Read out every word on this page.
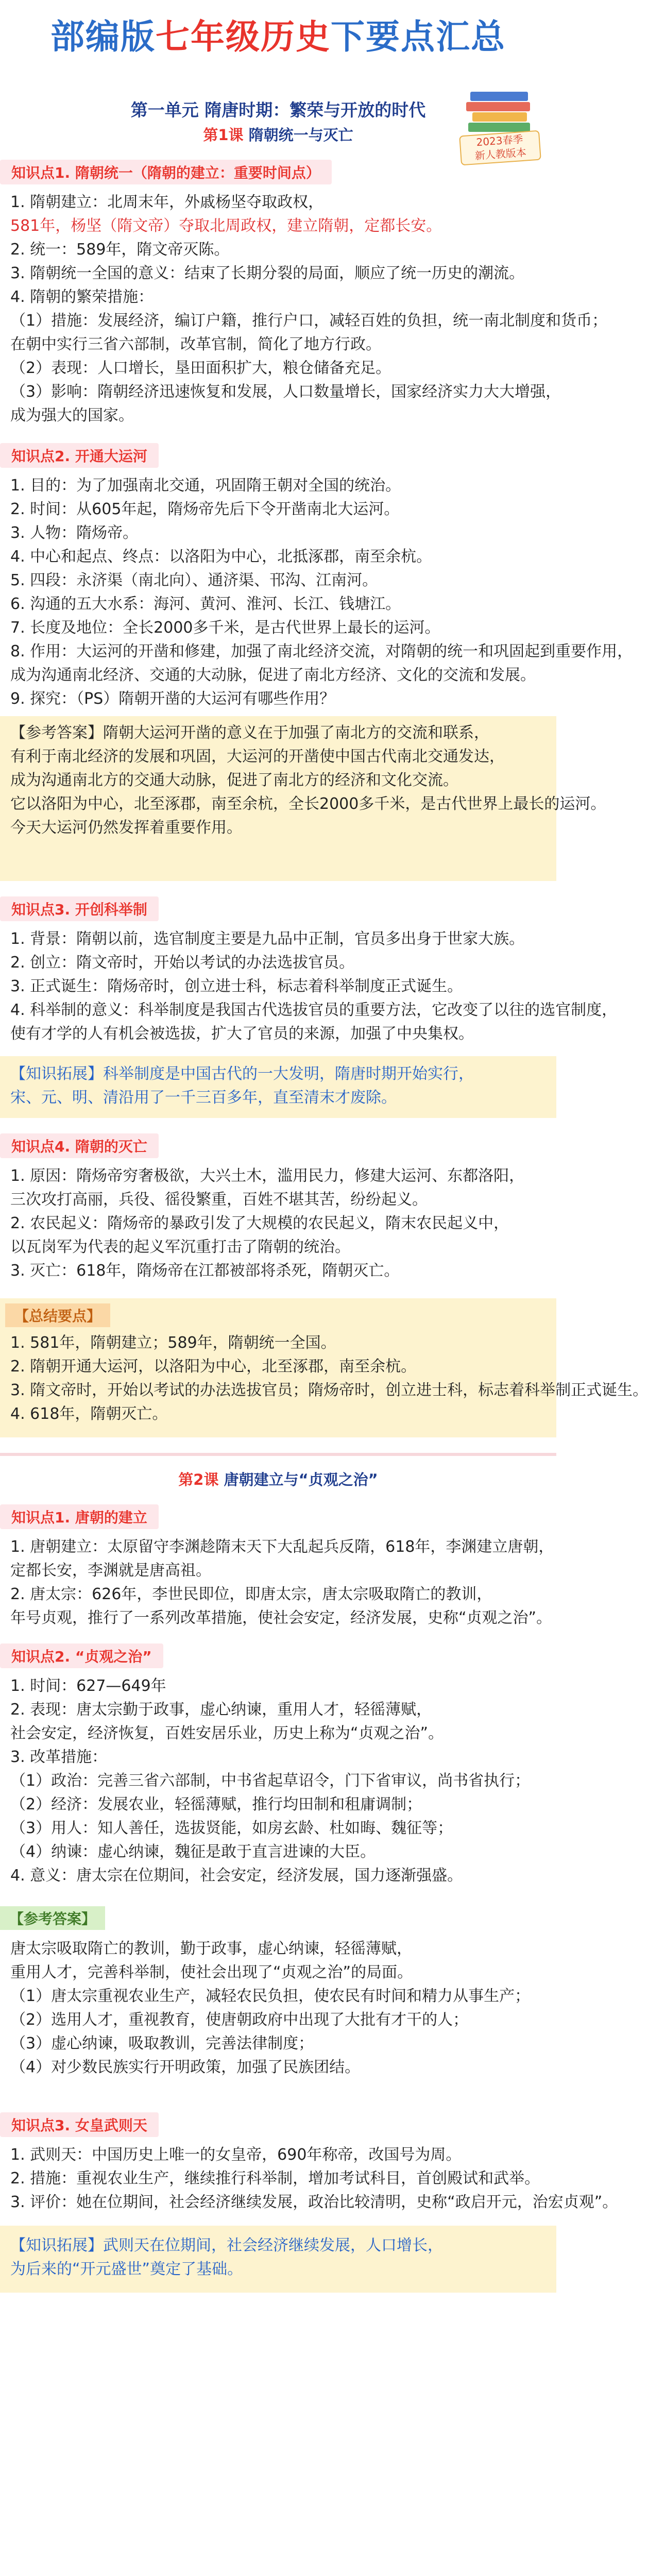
部编版 七年级历史 下要点汇总
2023春季
新人教版本
第一单元 隋唐时期：繁荣与开放的时代
第1课 隋朝统一与灭亡
知识点1. 隋朝统一（隋朝的建立：重要时间点）
1. 隋朝建立：北周末年，外戚杨坚夺取政权，
581年，杨坚（隋文帝）夺取北周政权，建立隋朝，定都长安。
2. 统一：589年，隋文帝灭陈。
3. 隋朝统一全国的意义：结束了长期分裂的局面，顺应了统一历史的潮流。
4. 隋朝的繁荣措施：
（1）措施：发展经济，编订户籍，推行户口，减轻百姓的负担，统一南北制度和货币；
在朝中实行三省六部制，改革官制，简化了地方行政。
（2）表现：人口增长，垦田面积扩大，粮仓储备充足。
（3）影响：隋朝经济迅速恢复和发展，人口数量增长，国家经济实力大大增强，
成为强大的国家。
知识点2. 开通大运河
1. 目的：为了加强南北交通，巩固隋王朝对全国的统治。
2. 时间：从605年起，隋炀帝先后下令开凿南北大运河。
3. 人物：隋炀帝。
4. 中心和起点、终点：以洛阳为中心，北抵涿郡，南至余杭。
5. 四段：永济渠（南北向）、通济渠、邗沟、江南河。
6. 沟通的五大水系：海河、黄河、淮河、长江、钱塘江。
7. 长度及地位：全长2000多千米，是古代世界上最长的运河。
8. 作用：大运河的开凿和修建，加强了南北经济交流，对隋朝的统一和巩固起到重要作用，
成为沟通南北经济、交通的大动脉，促进了南北方经济、文化的交流和发展。
9. 探究：（PS）隋朝开凿的大运河有哪些作用？
【参考答案】隋朝大运河开凿的意义在于加强了南北方的交流和联系，
有利于南北经济的发展和巩固，大运河的开凿使中国古代南北交通发达，
成为沟通南北方的交通大动脉，促进了南北方的经济和文化交流。
它以洛阳为中心，北至涿郡，南至余杭，全长2000多千米，是古代世界上最长的运河。
今天大运河仍然发挥着重要作用。
知识点3. 开创科举制
1. 背景：隋朝以前，选官制度主要是九品中正制，官员多出身于世家大族。
2. 创立：隋文帝时，开始以考试的办法选拔官员。
3. 正式诞生：隋炀帝时，创立进士科，标志着科举制度正式诞生。
4. 科举制的意义：科举制度是我国古代选拔官员的重要方法，它改变了以往的选官制度，
使有才学的人有机会被选拔，扩大了官员的来源，加强了中央集权。
【知识拓展】科举制度是中国古代的一大发明，隋唐时期开始实行，
宋、元、明、清沿用了一千三百多年，直至清末才废除。
知识点4. 隋朝的灭亡
1. 原因：隋炀帝穷奢极欲，大兴土木，滥用民力，修建大运河、东都洛阳，
三次攻打高丽，兵役、徭役繁重，百姓不堪其苦，纷纷起义。
2. 农民起义：隋炀帝的暴政引发了大规模的农民起义，隋末农民起义中，
以瓦岗军为代表的起义军沉重打击了隋朝的统治。
3. 灭亡：618年，隋炀帝在江都被部将杀死，隋朝灭亡。
【总结要点】
1. 581年，隋朝建立；589年，隋朝统一全国。
2. 隋朝开通大运河，以洛阳为中心，北至涿郡，南至余杭。
3. 隋文帝时，开始以考试的办法选拔官员；隋炀帝时，创立进士科，标志着科举制正式诞生。
4. 618年，隋朝灭亡。
第2课 唐朝建立与“贞观之治”
知识点1. 唐朝的建立
1. 唐朝建立：太原留守李渊趁隋末天下大乱起兵反隋，618年，李渊建立唐朝，
定都长安，李渊就是唐高祖。
2. 唐太宗：626年，李世民即位，即唐太宗，唐太宗吸取隋亡的教训，
年号贞观，推行了一系列改革措施，使社会安定，经济发展，史称“贞观之治”。
知识点2. “贞观之治”
1. 时间：627—649年
2. 表现：唐太宗勤于政事，虚心纳谏，重用人才，轻徭薄赋，
社会安定，经济恢复，百姓安居乐业，历史上称为“贞观之治”。
3. 改革措施：
（1）政治：完善三省六部制，中书省起草诏令，门下省审议，尚书省执行；
（2）经济：发展农业，轻徭薄赋，推行均田制和租庸调制；
（3）用人：知人善任，选拔贤能，如房玄龄、杜如晦、魏征等；
（4）纳谏：虚心纳谏，魏征是敢于直言进谏的大臣。
4. 意义：唐太宗在位期间，社会安定，经济发展，国力逐渐强盛。
【参考答案】
唐太宗吸取隋亡的教训，勤于政事，虚心纳谏，轻徭薄赋，
重用人才，完善科举制，使社会出现了“贞观之治”的局面。
（1）唐太宗重视农业生产，减轻农民负担，使农民有时间和精力从事生产；
（2）选用人才，重视教育，使唐朝政府中出现了大批有才干的人；
（3）虚心纳谏，吸取教训，完善法律制度；
（4）对少数民族实行开明政策，加强了民族团结。
知识点3. 女皇武则天
1. 武则天：中国历史上唯一的女皇帝，690年称帝，改国号为周。
2. 措施：重视农业生产，继续推行科举制，增加考试科目，首创殿试和武举。
3. 评价：她在位期间，社会经济继续发展，政治比较清明，史称“政启开元，治宏贞观”。
【知识拓展】武则天在位期间，社会经济继续发展，人口增长，
为后来的“开元盛世”奠定了基础。
